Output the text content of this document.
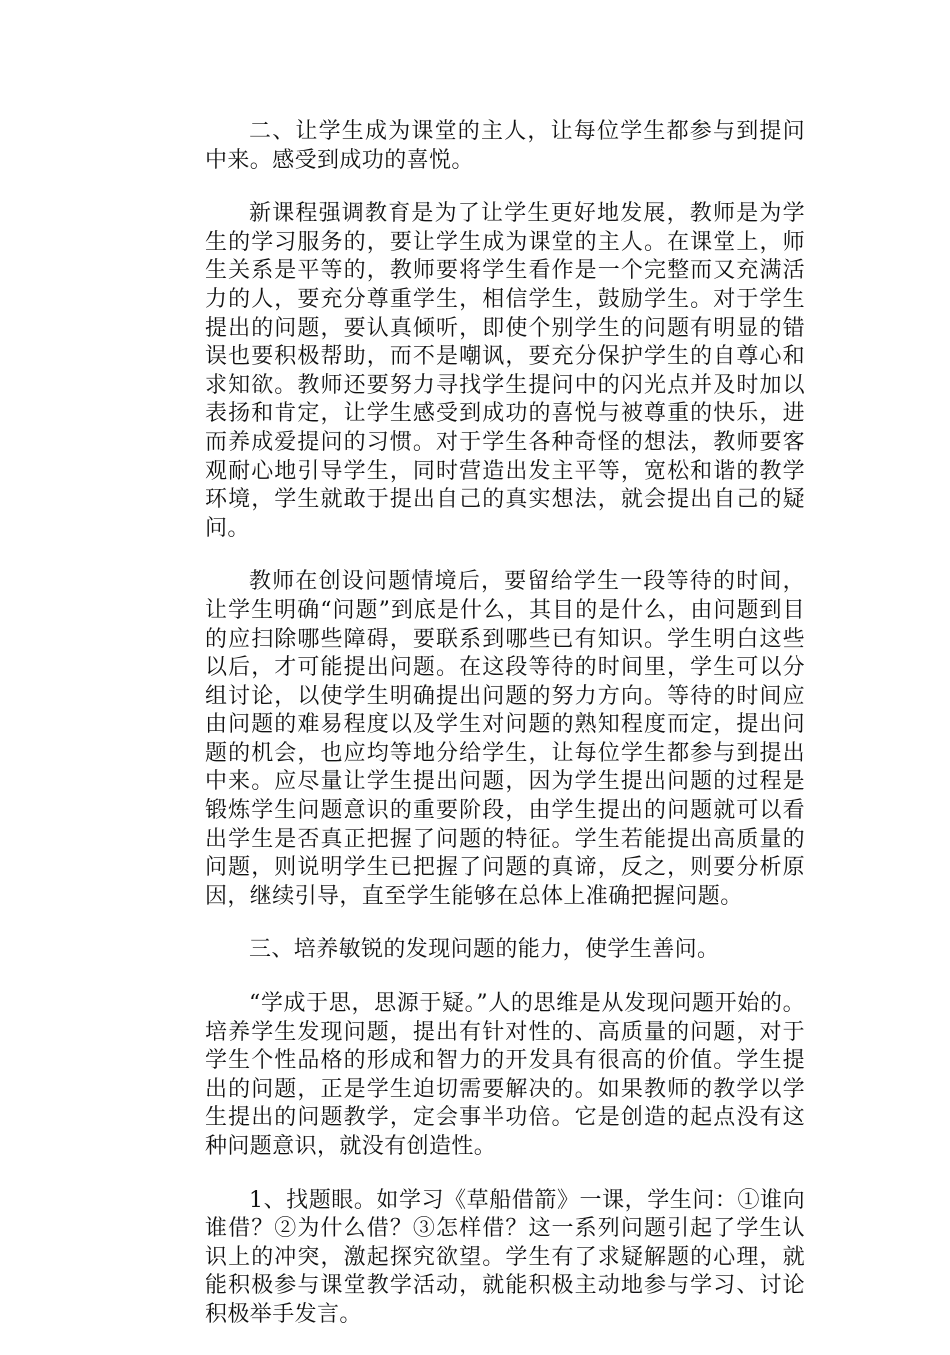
二、让学生成为课堂的主人，让每位学生都参与到提问中来。感受到成功的喜悦。

新课程强调教育是为了让学生更好地发展，教师是为学生的学习服务的，要让学生成为课堂的主人。在课堂上，师生关系是平等的，教师要将学生看作是一个完整而又充满活力的人，要充分尊重学生，相信学生，鼓励学生。对于学生提出的问题，要认真倾听，即使个别学生的问题有明显的错误也要积极帮助，而不是嘲讽，要充分保护学生的自尊心和求知欲。教师还要努力寻找学生提问中的闪光点并及时加以表扬和肯定，让学生感受到成功的喜悦与被尊重的快乐，进而养成爱提问的习惯。对于学生各种奇怪的想法，教师要客观耐心地引导学生，同时营造出发主平等，宽松和谐的教学环境，学生就敢于提出自己的真实想法，就会提出自己的疑问。

教师在创设问题情境后，要留给学生一段等待的时间，让学生明确“问题”到底是什么，其目的是什么，由问题到目的应扫除哪些障碍，要联系到哪些已有知识。学生明白这些以后，才可能提出问题。在这段等待的时间里，学生可以分组讨论，以使学生明确提出问题的努力方向。等待的时间应由问题的难易程度以及学生对问题的熟知程度而定，提出问题的机会，也应均等地分给学生，让每位学生都参与到提出中来。应尽量让学生提出问题，因为学生提出问题的过程是锻炼学生问题意识的重要阶段，由学生提出的问题就可以看出学生是否真正把握了问题的特征。学生若能提出高质量的问题，则说明学生已把握了问题的真谛，反之，则要分析原因，继续引导，直至学生能够在总体上准确把握问题。

三、培养敏锐的发现问题的能力，使学生善问。

“学成于思，思源于疑。”人的思维是从发现问题开始的。培养学生发现问题，提出有针对性的、高质量的问题，对于学生个性品格的形成和智力的开发具有很高的价值。学生提出的问题，正是学生迫切需要解决的。如果教师的教学以学生提出的问题教学，定会事半功倍。它是创造的起点没有这种问题意识，就没有创造性。

1、找题眼。如学习《草船借箭》一课，学生问：①谁向谁借？②为什么借？③怎样借？这一系列问题引起了学生认识上的冲突，激起探究欲望。学生有了求疑解题的心理，就能积极参与课堂教学活动，就能积极主动地参与学习、讨论积极举手发言。
